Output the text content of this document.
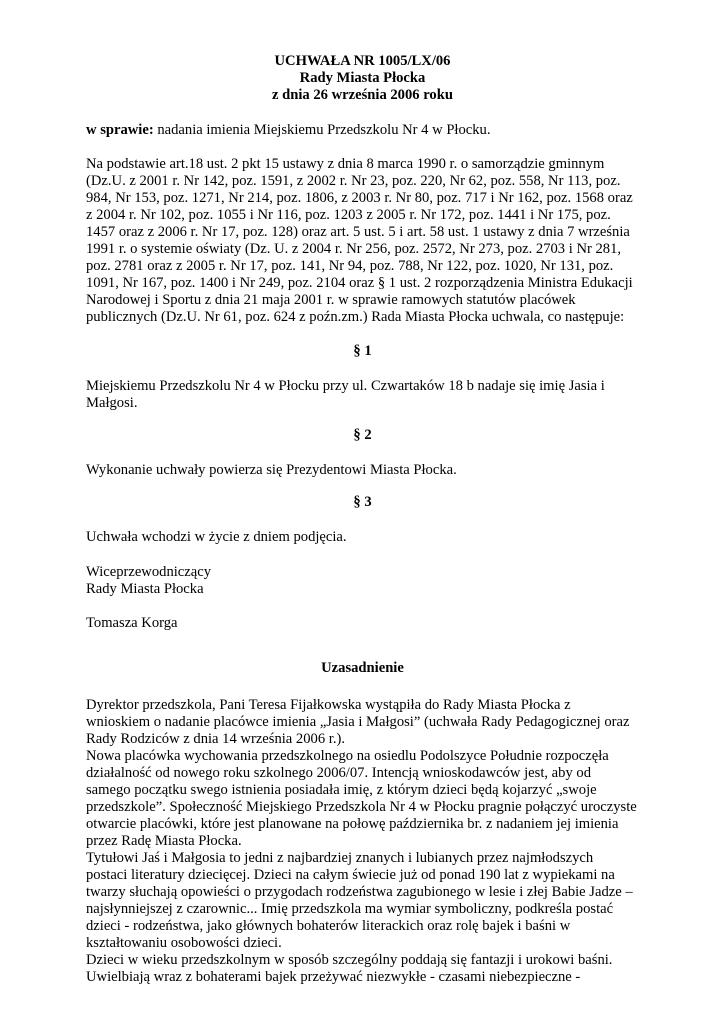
UCHWAŁA NR 1005/LX/06
Rady Miasta Płocka
z dnia 26 września 2006 roku
w sprawie: nadania imienia Miejskiemu Przedszkolu Nr 4 w Płocku.
Na podstawie art.18 ust. 2 pkt 15 ustawy z dnia 8 marca 1990 r. o samorządzie gminnym
(Dz.U. z 2001 r. Nr 142, poz. 1591, z 2002 r. Nr 23, poz. 220, Nr 62, poz. 558, Nr 113, poz.
984, Nr 153, poz. 1271, Nr 214, poz. 1806, z 2003 r. Nr 80, poz. 717 i Nr 162, poz. 1568 oraz
z 2004 r. Nr 102, poz. 1055 i Nr 116, poz. 1203 z 2005 r. Nr 172, poz. 1441 i Nr 175, poz.
1457 oraz z 2006 r. Nr 17, poz. 128) oraz art. 5 ust. 5 i art. 58 ust. 1 ustawy z dnia 7 września
1991 r. o systemie oświaty (Dz. U. z 2004 r. Nr 256, poz. 2572, Nr 273, poz. 2703 i Nr 281,
poz. 2781 oraz z 2005 r. Nr 17, poz. 141, Nr 94, poz. 788, Nr 122, poz. 1020, Nr 131, poz.
1091, Nr 167, poz. 1400 i Nr 249, poz. 2104 oraz § 1 ust. 2 rozporządzenia Ministra Edukacji
Narodowej i Sportu z dnia 21 maja 2001 r. w sprawie ramowych statutów placówek
publicznych (Dz.U. Nr 61, poz. 624 z poźn.zm.) Rada Miasta Płocka uchwala, co następuje:
§ 1
Miejskiemu Przedszkolu Nr 4 w Płocku przy ul. Czwartaków 18 b nadaje się imię Jasia i
Małgosi.
§ 2
Wykonanie uchwały powierza się Prezydentowi Miasta Płocka.
§ 3
Uchwała wchodzi w życie z dniem podjęcia.
Wiceprzewodniczący
Rady Miasta Płocka
Tomasza Korga
Uzasadnienie
Dyrektor przedszkola, Pani Teresa Fijałkowska wystąpiła do Rady Miasta Płocka z
wnioskiem o nadanie placówce imienia „Jasia i Małgosi” (uchwała Rady Pedagogicznej oraz
Rady Rodziców z dnia 14 września 2006 r.).
Nowa placówka wychowania przedszkolnego na osiedlu Podolszyce Południe rozpoczęła
działalność od nowego roku szkolnego 2006/07. Intencją wnioskodawców jest, aby od
samego początku swego istnienia posiadała imię, z którym dzieci będą kojarzyć „swoje
przedszkole”. Społeczność Miejskiego Przedszkola Nr 4 w Płocku pragnie połączyć uroczyste
otwarcie placówki, które jest planowane na połowę października br. z nadaniem jej imienia
przez Radę Miasta Płocka.
Tytułowi Jaś i Małgosia to jedni z najbardziej znanych i lubianych przez najmłodszych
postaci literatury dziecięcej. Dzieci na całym świecie już od ponad 190 lat z wypiekami na
twarzy słuchają opowieści o przygodach rodzeństwa zagubionego w lesie i złej Babie Jadze –
najsłynniejszej z czarownic... Imię przedszkola ma wymiar symboliczny, podkreśla postać
dzieci - rodzeństwa, jako głównych bohaterów literackich oraz rolę bajek i baśni w
kształtowaniu osobowości dzieci.
Dzieci w wieku przedszkolnym w sposób szczególny poddają się fantazji i urokowi baśni.
Uwielbiają wraz z bohaterami bajek przeżywać niezwykłe - czasami niebezpieczne -
